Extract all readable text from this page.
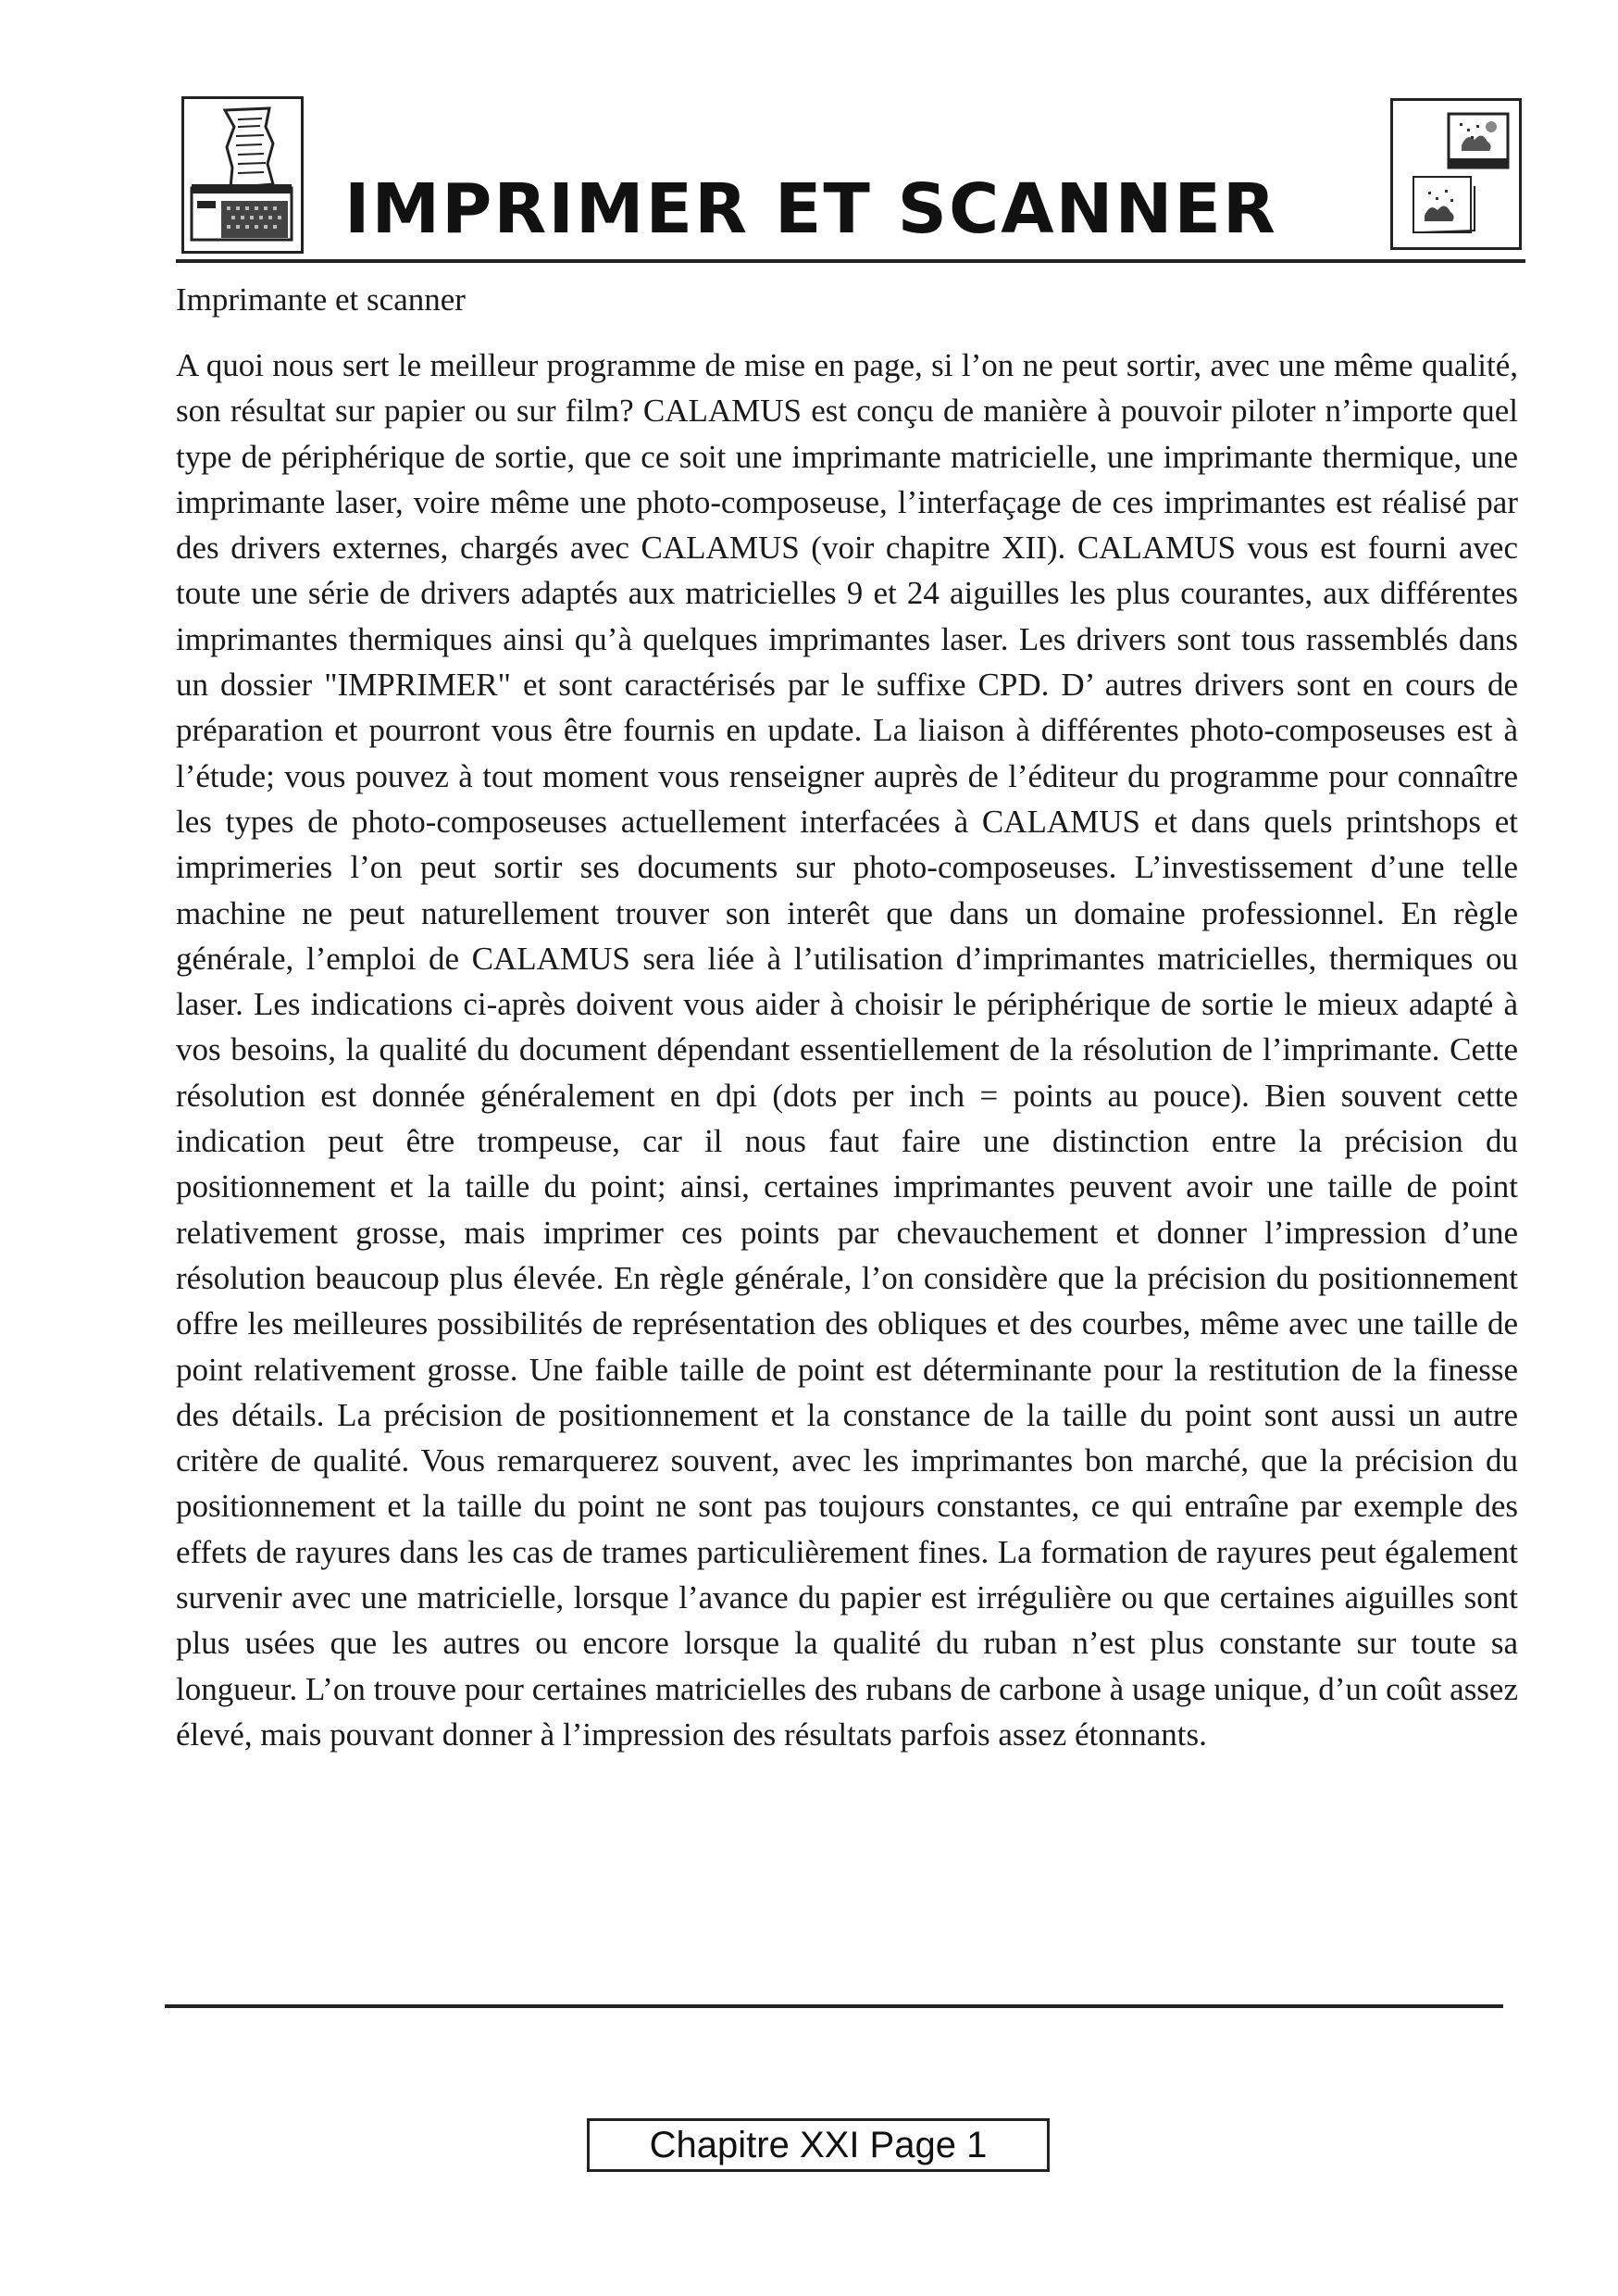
IMPRIMER ET SCANNER
Imprimante et scanner

A quoi nous sert le meilleur programme de mise en page, si l’on ne peut sortir, avec une même qualité, son résultat sur papier ou sur film? CALAMUS est conçu de manière à pouvoir piloter n’importe quel type de périphérique de sortie, que ce soit une imprimante matricielle, une imprimante thermique, une imprimante laser, voire même une photo-composeuse, l’interfaçage de ces imprimantes est réalisé par des drivers externes, chargés avec CALAMUS (voir chapitre XII). CALAMUS vous est fourni avec toute une série de drivers adaptés aux matricielles 9 et 24 aiguilles les plus courantes, aux différentes imprimantes thermiques ainsi qu’à quelques imprimantes laser. Les drivers sont tous rassemblés dans un dossier "IMPRIMER" et sont caractérisés par le suffixe CPD. D’ autres drivers sont en cours de préparation et pourront vous être fournis en update. La liaison à différentes photo-composeuses est à l’étude; vous pouvez à tout moment vous renseigner auprès de l’éditeur du programme pour connaître les types de photo-composeuses actuellement interfacées à CALAMUS et dans quels printshops et imprimeries l’on peut sortir ses documents sur photo-composeuses. L’investissement d’une telle machine ne peut naturellement trouver son interêt que dans un domaine professionnel. En règle générale, l’emploi de CALAMUS sera liée à l’utilisation d’imprimantes matricielles, thermiques ou laser. Les indications ci-après doivent vous aider à choisir le périphérique de sortie le mieux adapté à vos besoins, la qualité du document dépendant essentiellement de la résolution de l’imprimante. Cette résolution est donnée généralement en dpi (dots per inch = points au pouce). Bien souvent cette indication peut être trompeuse, car il nous faut faire une distinction entre la précision du positionnement et la taille du point; ainsi, certaines imprimantes peuvent avoir une taille de point relativement grosse, mais imprimer ces points par chevauchement et donner l’impression d’une résolution beaucoup plus élevée. En règle générale, l’on considère que la précision du positionnement offre les meilleures possibilités de représentation des obliques et des courbes, même avec une taille de point relativement grosse. Une faible taille de point est déterminante pour la restitution de la finesse des détails. La précision de positionnement et la constance de la taille du point sont aussi un autre critère de qualité. Vous remarquerez souvent, avec les imprimantes bon marché, que la précision du positionnement et la taille du point ne sont pas toujours constantes, ce qui entraîne par exemple des effets de rayures dans les cas de trames particulièrement fines. La formation de rayures peut également survenir avec une matricielle, lorsque l’avance du papier est irrégulière ou que certaines aiguilles sont plus usées que les autres ou encore lorsque la qualité du ruban n’est plus constante sur toute sa longueur. L’on trouve pour certaines matricielles des rubans de carbone à usage unique, d’un coût assez élevé, mais pouvant donner à l’impression des résultats parfois assez étonnants.

Chapitre XXI Page 1
